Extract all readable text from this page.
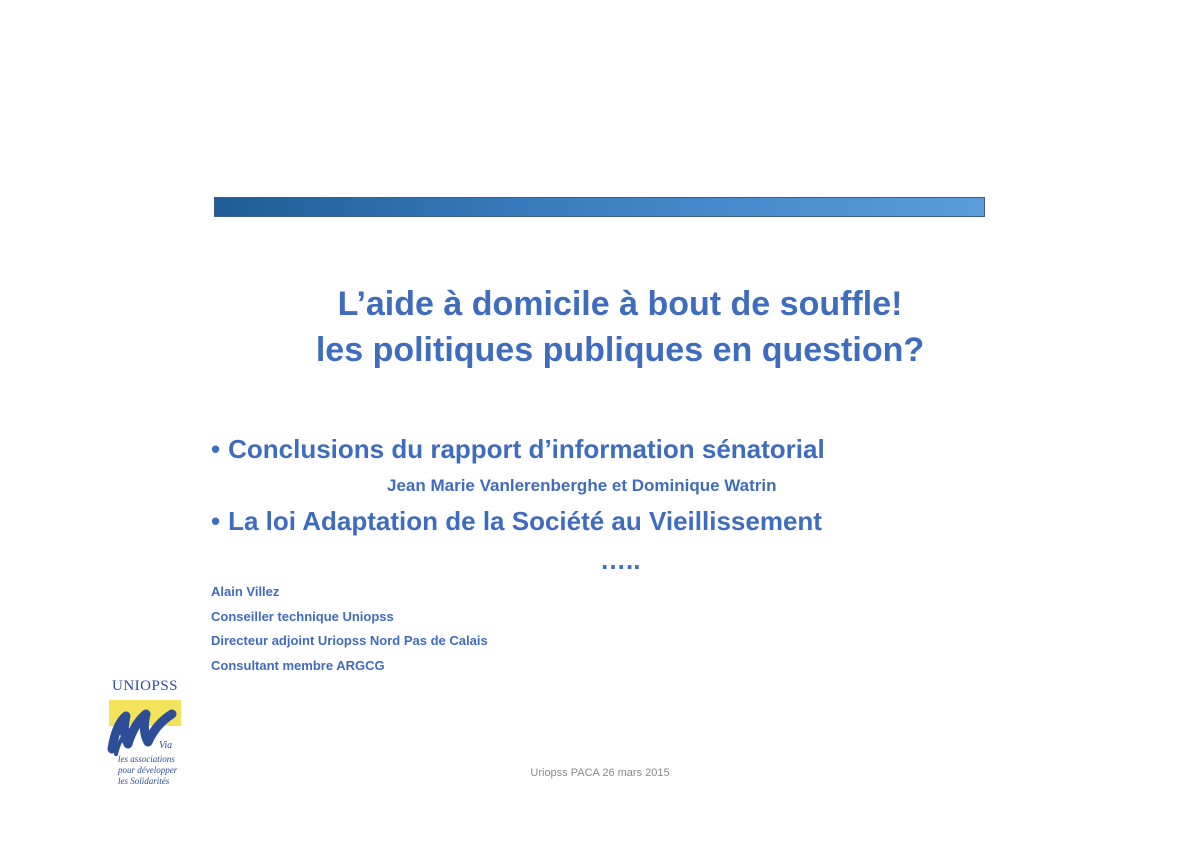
L’aide à domicile à bout de souffle!
les politiques publiques en question?
• Conclusions du rapport d’information sénatorial
Jean Marie Vanlerenberghe et Dominique Watrin
• La loi Adaptation de la Société au Vieillissement
…..
Alain Villez
Conseiller technique Uniopss
Directeur adjoint Uriopss Nord Pas de Calais
Consultant membre ARGCG
UNIOPSS
Via
les associations
pour développer
les Solidarités
Uriopss PACA 26 mars 2015
